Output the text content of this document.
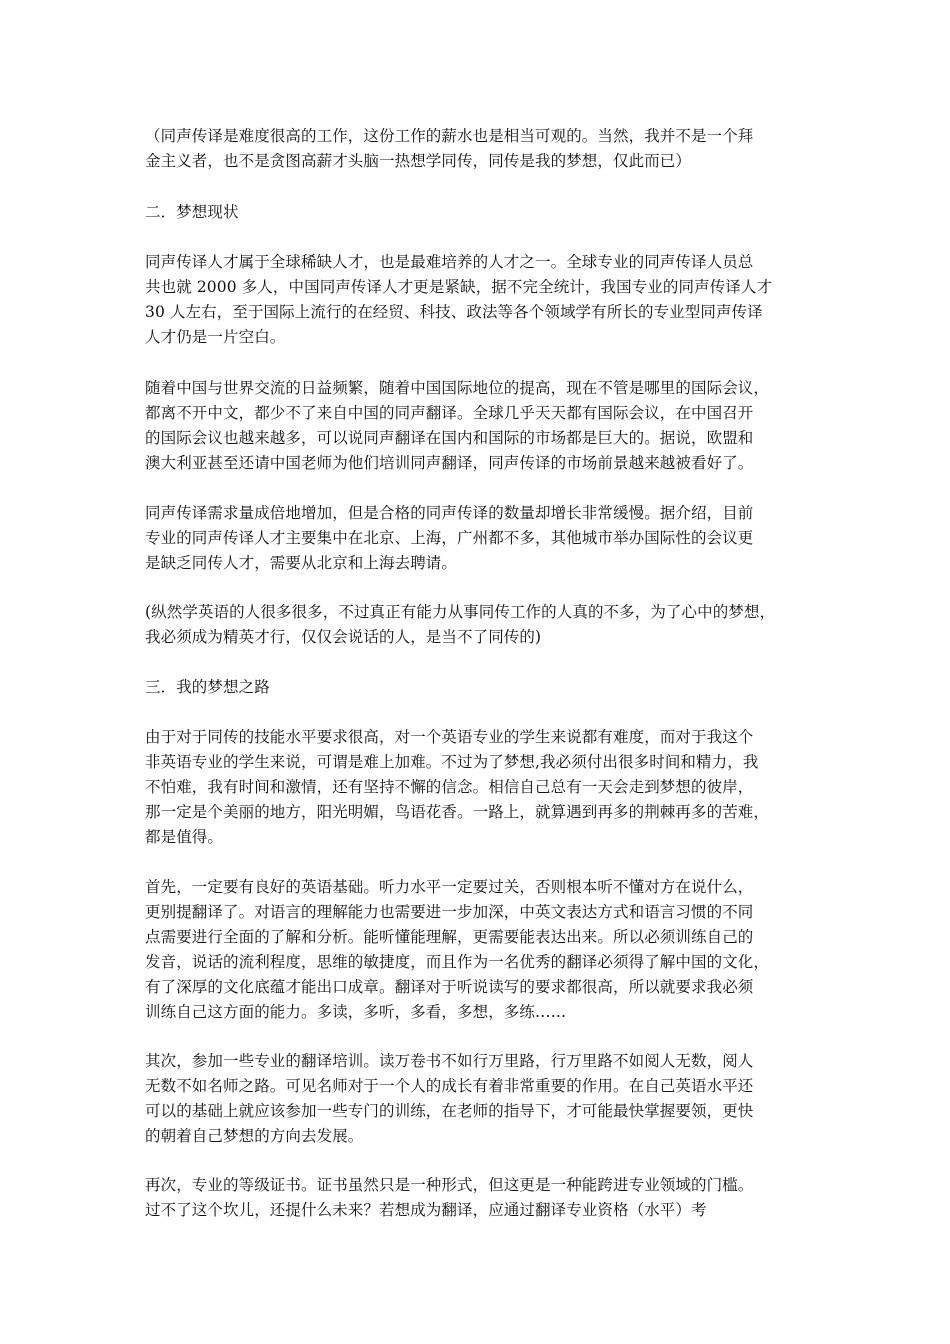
（同声传译是难度很高的工作，这份工作的薪水也是相当可观的。当然，我并不是一个拜
金主义者，也不是贪图高薪才头脑一热想学同传，同传是我的梦想，仅此而已）
二．梦想现状
同声传译人才属于全球稀缺人才，也是最难培养的人才之一。全球专业的同声传译人员总
共也就 2000 多人，中国同声传译人才更是紧缺，据不完全统计，我国专业的同声传译人才
30 人左右，至于国际上流行的在经贸、科技、政法等各个领域学有所长的专业型同声传译
人才仍是一片空白。
随着中国与世界交流的日益频繁，随着中国国际地位的提高，现在不管是哪里的国际会议，
都离不开中文，都少不了来自中国的同声翻译。全球几乎天天都有国际会议，在中国召开
的国际会议也越来越多，可以说同声翻译在国内和国际的市场都是巨大的。据说，欧盟和
澳大利亚甚至还请中国老师为他们培训同声翻译，同声传译的市场前景越来越被看好了。
同声传译需求量成倍地增加，但是合格的同声传译的数量却增长非常缓慢。据介绍，目前
专业的同声传译人才主要集中在北京、上海，广州都不多，其他城市举办国际性的会议更
是缺乏同传人才，需要从北京和上海去聘请。
(纵然学英语的人很多很多，不过真正有能力从事同传工作的人真的不多，为了心中的梦想，
我必须成为精英才行，仅仅会说话的人，是当不了同传的)
三．我的梦想之路
由于对于同传的技能水平要求很高，对一个英语专业的学生来说都有难度，而对于我这个
非英语专业的学生来说，可谓是难上加难。不过为了梦想,我必须付出很多时间和精力，我
不怕难，我有时间和激情，还有坚持不懈的信念。相信自己总有一天会走到梦想的彼岸，
那一定是个美丽的地方，阳光明媚，鸟语花香。一路上，就算遇到再多的荆棘再多的苦难，
都是值得。
首先，一定要有良好的英语基础。听力水平一定要过关，否则根本听不懂对方在说什么，
更别提翻译了。对语言的理解能力也需要进一步加深，中英文表达方式和语言习惯的不同
点需要进行全面的了解和分析。能听懂能理解，更需要能表达出来。所以必须训练自己的
发音，说话的流利程度，思维的敏捷度，而且作为一名优秀的翻译必须得了解中国的文化，
有了深厚的文化底蕴才能出口成章。翻译对于听说读写的要求都很高，所以就要求我必须
训练自己这方面的能力。多读，多听，多看，多想，多练……
其次，参加一些专业的翻译培训。读万卷书不如行万里路，行万里路不如阅人无数，阅人
无数不如名师之路。可见名师对于一个人的成长有着非常重要的作用。在自己英语水平还
可以的基础上就应该参加一些专门的训练，在老师的指导下，才可能最快掌握要领，更快
的朝着自己梦想的方向去发展。
再次，专业的等级证书。证书虽然只是一种形式，但这更是一种能跨进专业领域的门槛。
过不了这个坎儿，还提什么未来？若想成为翻译，应通过翻译专业资格（水平）考
